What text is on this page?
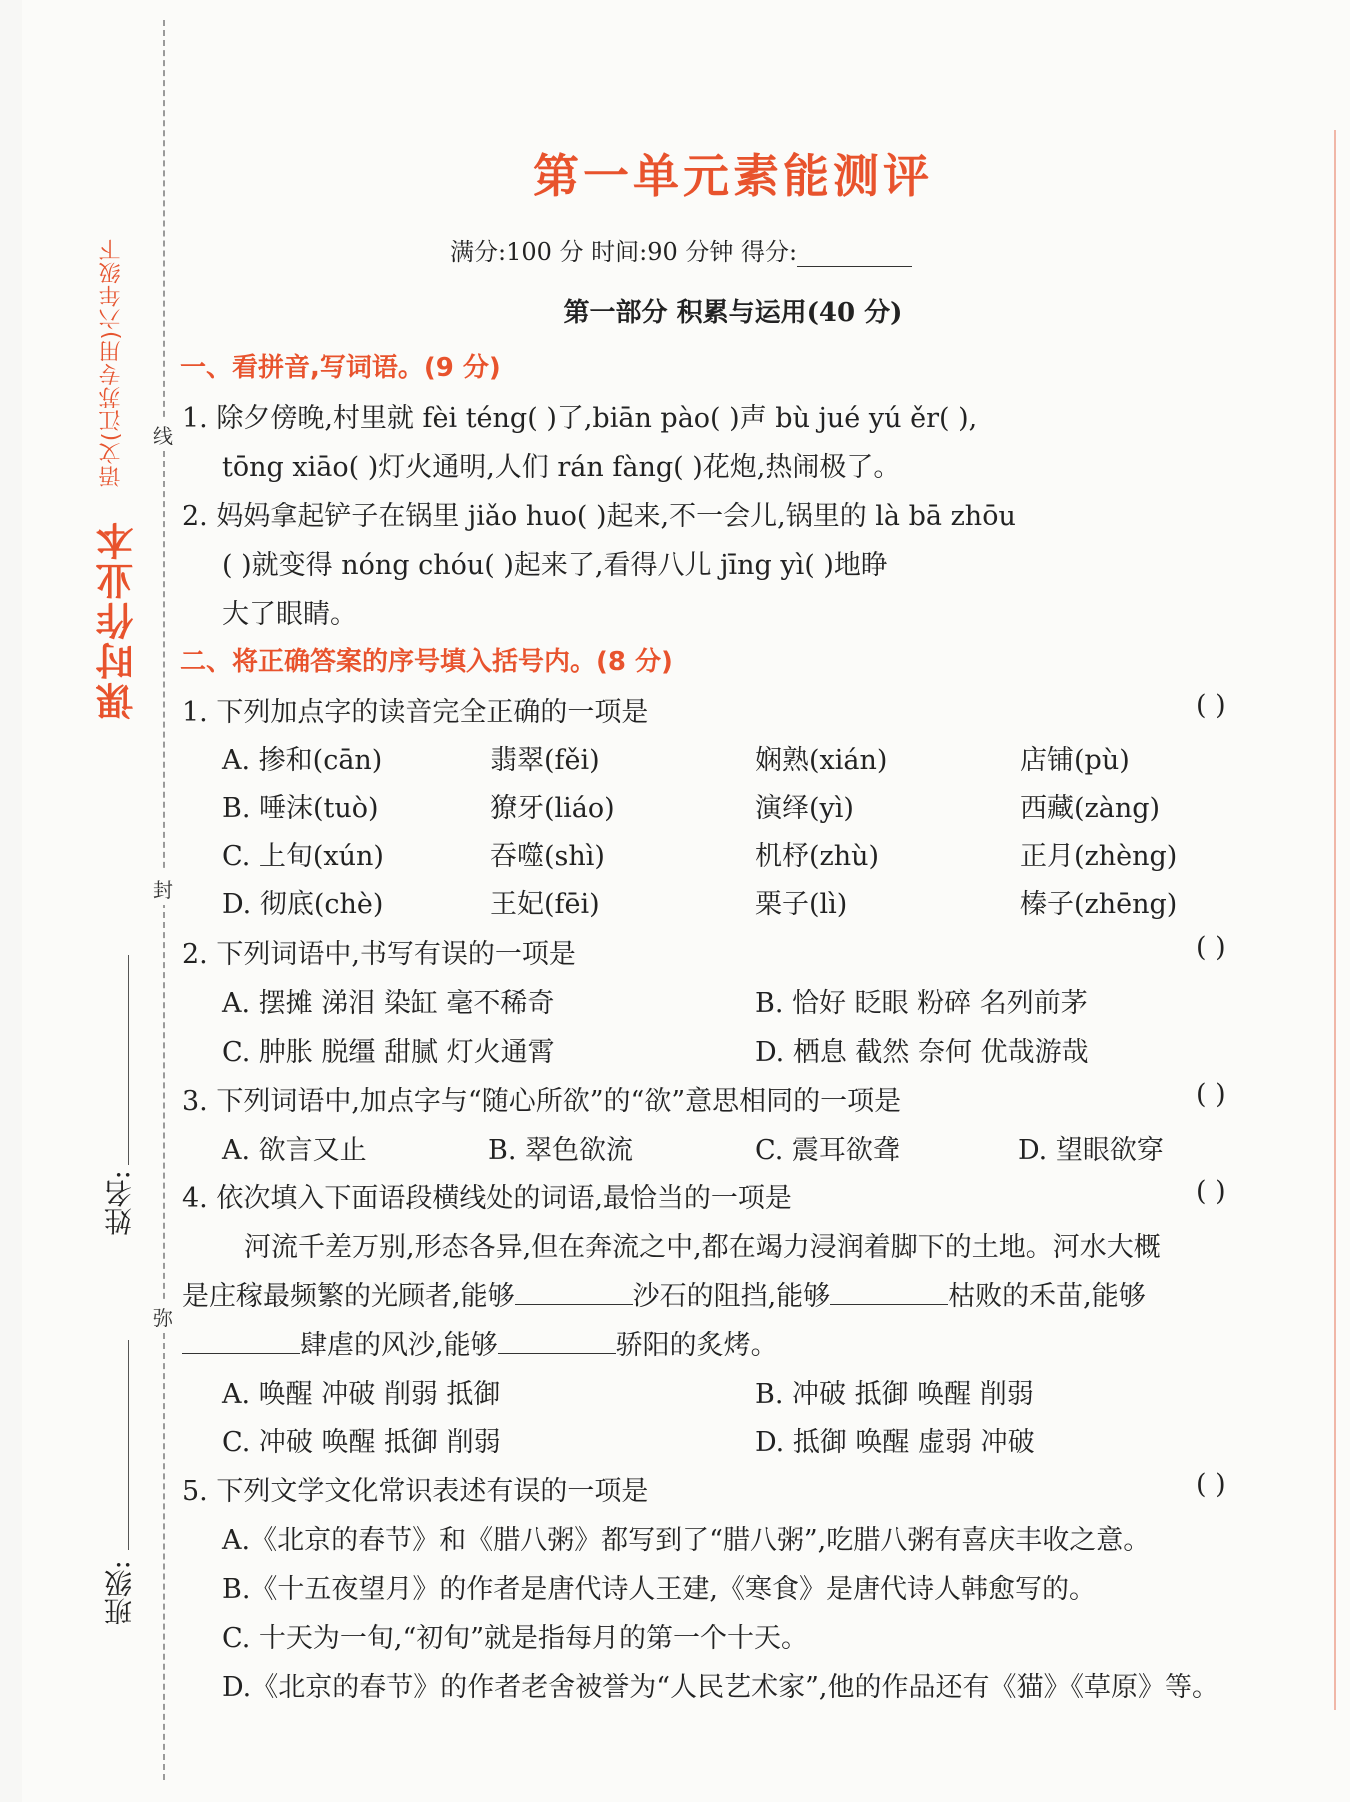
语文(江苏专用)六年级下
课时作业本
线
封
弥
姓名:
班级:
第一单元素能测评
满分:100 分 时间:90 分钟 得分:
第一部分 积累与运用(40 分)
一、看拼音,写词语。(9 分)
1. 除夕傍晚,村里就 fèi téng( )了,biān pào( )声 bù jué yú ěr( ),
tōng xiāo( )灯火通明,人们 rán fàng( )花炮,热闹极了。
2. 妈妈拿起铲子在锅里 jiǎo huo( )起来,不一会儿,锅里的 là bā zhōu
( )就变得 nóng chóu( )起来了,看得八儿 jīng yì( )地睁
大了眼睛。
二、将正确答案的序号填入括号内。(8 分)
1. 下列加点字的读音完全正确的一项是	( )
A. 掺和(cān)	翡翠(fěi)	娴熟(xián)	店铺(pù)
B. 唾沫(tuò)	獠牙(liáo)	演绎(yì)	西藏(zàng)
C. 上旬(xún)	吞噬(shì)	机杼(zhù)	正月(zhèng)
D. 彻底(chè)	王妃(fēi)	栗子(lì)	榛子(zhēng)
2. 下列词语中,书写有误的一项是	( )
A. 摆摊 涕泪 染缸 毫不稀奇	B. 恰好 眨眼 粉碎 名列前茅
C. 肿胀 脱缰 甜腻 灯火通霄	D. 栖息 截然 奈何 优哉游哉
3. 下列词语中,加点字与“随心所欲”的“欲”意思相同的一项是	( )
A. 欲言又止	B. 翠色欲流	C. 震耳欲聋	D. 望眼欲穿
4. 依次填入下面语段横线处的词语,最恰当的一项是	( )
河流千差万别,形态各异,但在奔流之中,都在竭力浸润着脚下的土地。河水大概
是庄稼最频繁的光顾者,能够	沙石的阻挡,能够	枯败的禾苗,能够
肆虐的风沙,能够	骄阳的炙烤。
A. 唤醒 冲破 削弱 抵御	B. 冲破 抵御 唤醒 削弱
C. 冲破 唤醒 抵御 削弱	D. 抵御 唤醒 虚弱 冲破
5. 下列文学文化常识表述有误的一项是	( )
A.《北京的春节》和《腊八粥》都写到了“腊八粥”,吃腊八粥有喜庆丰收之意。
B.《十五夜望月》的作者是唐代诗人王建,《寒食》是唐代诗人韩愈写的。
C. 十天为一旬,“初旬”就是指每月的第一个十天。
D.《北京的春节》的作者老舍被誉为“人民艺术家”,他的作品还有《猫》《草原》等。
